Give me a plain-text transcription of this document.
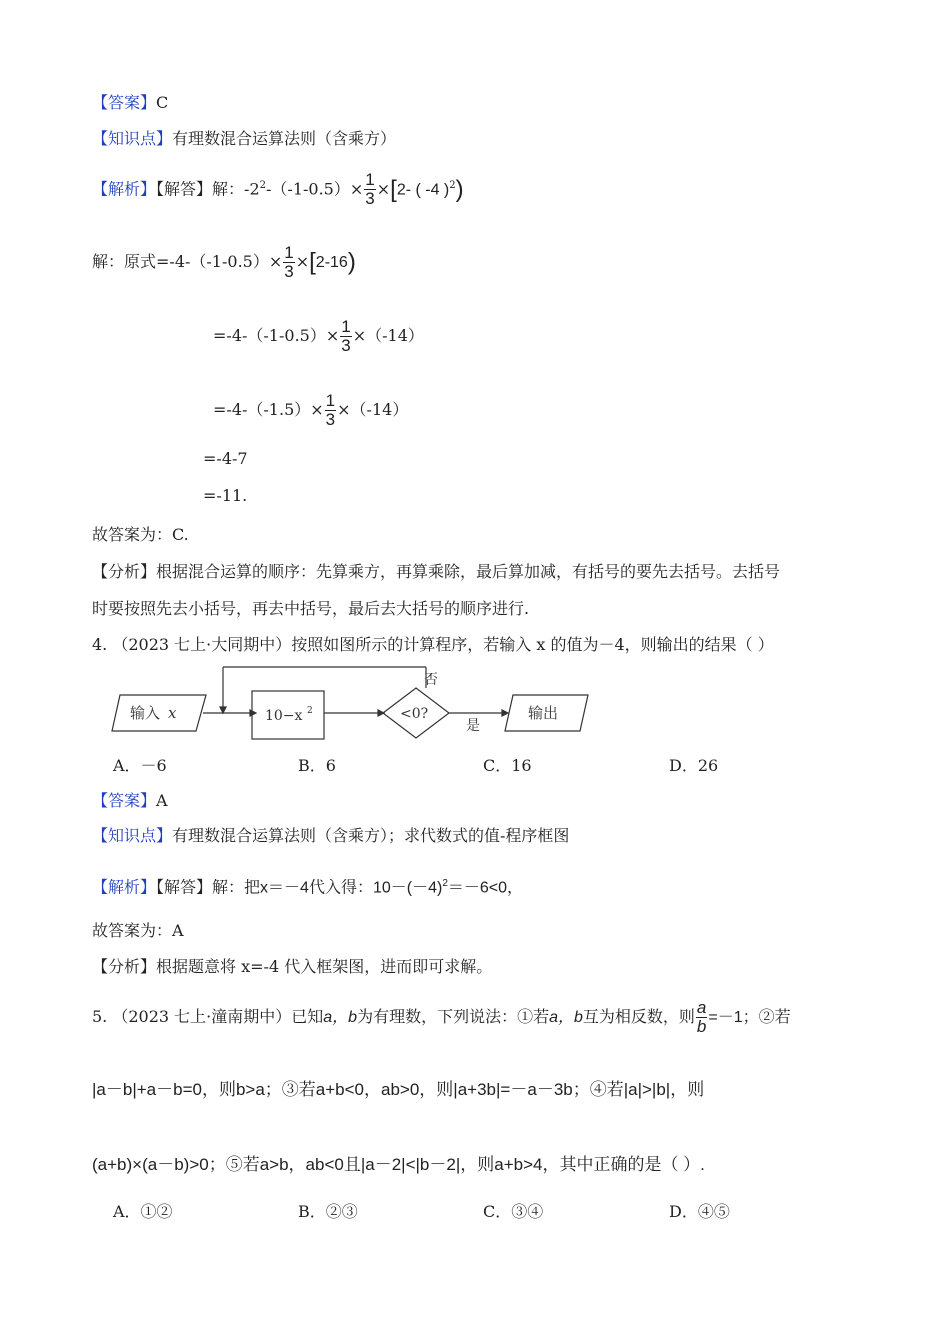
【答案】C
【知识点】有理数混合运算法则（含乘方）
【解析】【解答】解：$-2^2-(-1-0.5)\times \frac{1}{3} \times[2-$ ( -4 )$^2$)
解：原式$=-4-(-1-0.5)\times \frac{1}{3} \times[2-16)$
$=-4-(-1-0.5)\times \frac{1}{3} \times(-14)$
$=-4-(-1.5)\times \frac{1}{3} \times(-14)$
=-4-7
=-11.
故答案为：C.
【分析】根据混合运算的顺序：先算乘方，再算乘除，最后算加减，有括号的要先去括号。去括号
时要按照先去小括号，再去中括号，最后去大括号的顺序进行.
4. （2023 七上·大同期中）按照如图所示的计算程序，若输入 x 的值为－4，则输出的结果（ ）
输入 x	10−x 2	<0?
否
是
输出
A．－6	B．6	C．16	D．26
【答案】A
【知识点】有理数混合运算法则（含乘方）；求代数式的值-程序框图
【解析】【解答】解：把x＝－4代入得：$10-(-4)^2=-6<0$，
故答案为：A
【分析】根据题意将 x=-4 代入框架图，进而即可求解。
5. （2023 七上·潼南期中）已知a，b为有理数，下列说法：①若a，b互为相反数，则 $\frac{a}{b} =-1$；②若
|a－b|+a－b=0，则b>a；③若a+b<0，ab>0，则|a+3b|=－a－3b；④若|a|>|b|，则
(a+b)×(a－b)>0；⑤若a>b，ab<0且|a－2|<|b－2|，则a+b>4，其中正确的是（ ）.
A．①②	B．②③	C．③④	D．④⑤
